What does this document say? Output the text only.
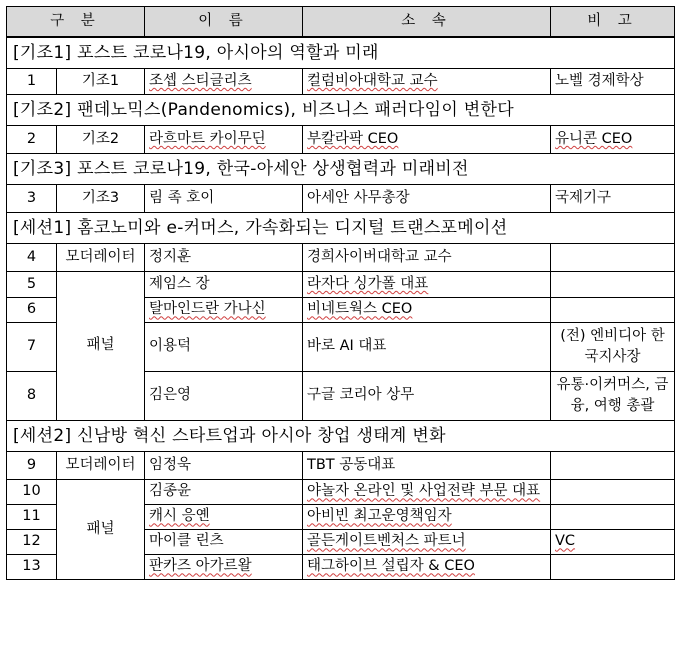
구 분		이 름	소 속	비 고
[기조1] 포스트 코로나19, 아시아의 역할과 미래				
1	기조1	조셉 스티글리츠	컬럼비아대학교 교수	노벨 경제학상
[기조2] 팬데노믹스(Pandenomics), 비즈니스 패러다임이 변한다				
2	기조2	라흐마트 카이무딘	부칼라팍 CEO	유니콘 CEO
[기조3] 포스트 코로나19, 한국-아세안 상생협력과 미래비전				
3	기조3	림 족 호이	아세안 사무총장	국제기구
[세션1] 홈코노미와 e-커머스, 가속화되는 디지털 트랜스포메이션				
4	모더레이터	정지훈	경희사이버대학교 교수	
5	패널	제임스 장	라자다 싱가폴 대표	
6		탈마인드란 가나신	비네트웍스 CEO	
7		이용덕	바로 AI 대표	(전) 엔비디아 한국지사장
8		김은영	구글 코리아 상무	유통·이커머스, 금융, 여행 총괄
[세션2] 신남방 혁신 스타트업과 아시아 창업 생태계 변화				
9	모더레이터	임정욱	TBT 공동대표	
10	패널	김종윤	야놀자 온라인 및 사업전략 부문 대표	
11		캐시 응옌	아비빈 최고운영책임자	
12		마이클 린츠	골든게이트벤처스 파트너	VC
13		판카즈 아가르왈	태그하이브 설립자 & CEO	
